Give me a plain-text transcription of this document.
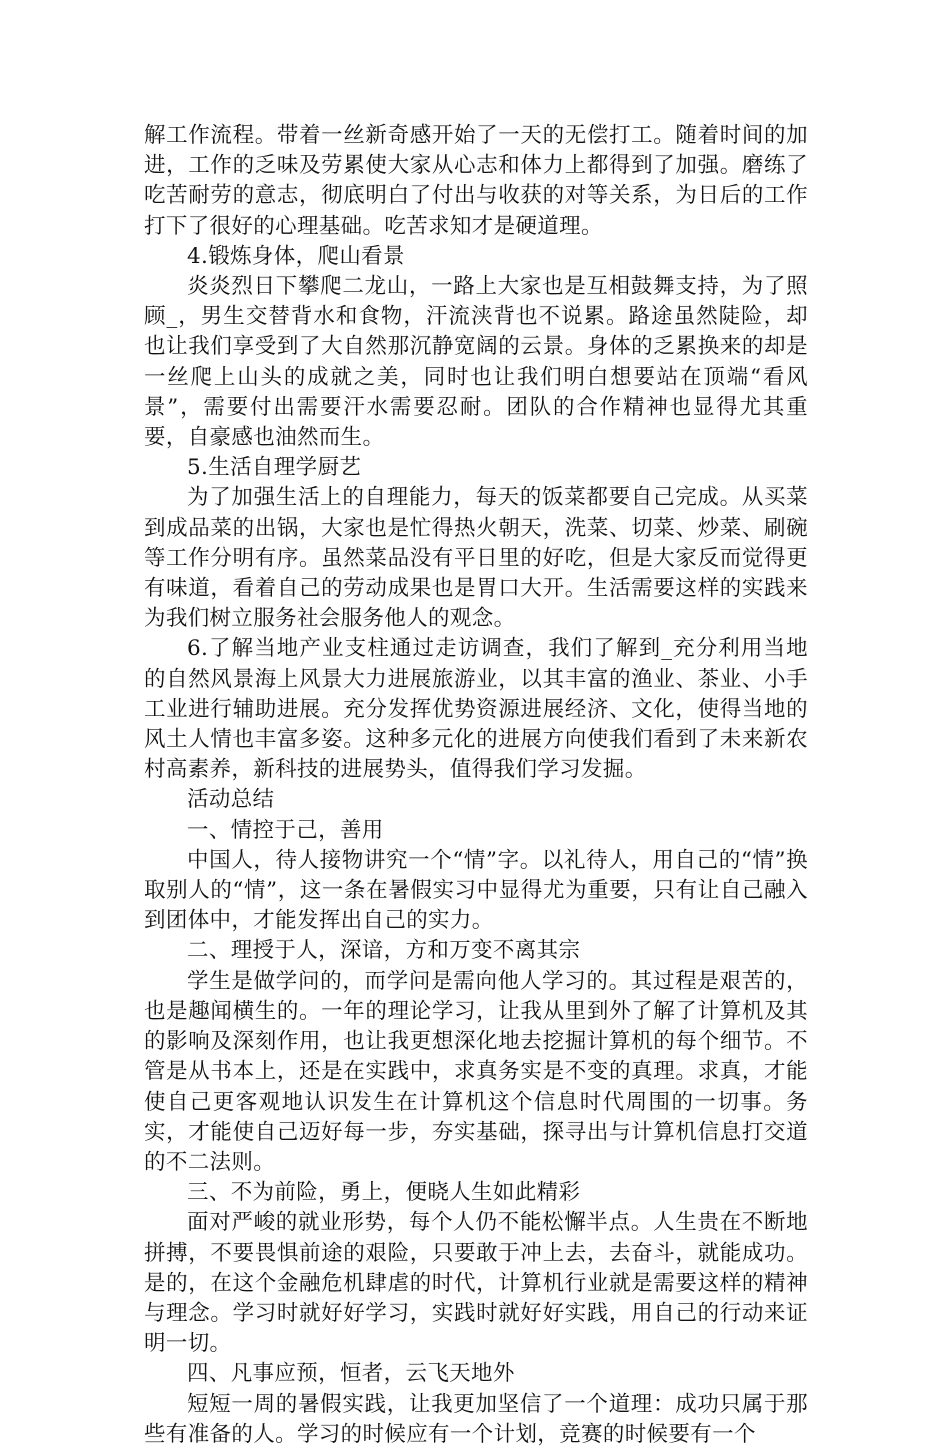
解工作流程。带着一丝新奇感开始了一天的无偿打工。随着时间的加进，工作的乏味及劳累使大家从心志和体力上都得到了加强。磨练了吃苦耐劳的意志，彻底明白了付出与收获的对等关系，为日后的工作打下了很好的心理基础。吃苦求知才是硬道理。

4.锻炼身体，爬山看景

炎炎烈日下攀爬二龙山，一路上大家也是互相鼓舞支持，为了照顾_，男生交替背水和食物，汗流浃背也不说累。路途虽然陡险，却也让我们享受到了大自然那沉静宽阔的云景。身体的乏累换来的却是一丝爬上山头的成就之美，同时也让我们明白想要站在顶端“看风景”，需要付出需要汗水需要忍耐。团队的合作精神也显得尤其重要，自豪感也油然而生。

5.生活自理学厨艺

为了加强生活上的自理能力，每天的饭菜都要自己完成。从买菜到成品菜的出锅，大家也是忙得热火朝天，洗菜、切菜、炒菜、刷碗等工作分明有序。虽然菜品没有平日里的好吃，但是大家反而觉得更有味道，看着自己的劳动成果也是胃口大开。生活需要这样的实践来为我们树立服务社会服务他人的观念。

6.了解当地产业支柱通过走访调查，我们了解到_充分利用当地的自然风景海上风景大力进展旅游业，以其丰富的渔业、茶业、小手工业进行辅助进展。充分发挥优势资源进展经济、文化，使得当地的风土人情也丰富多姿。这种多元化的进展方向使我们看到了未来新农村高素养，新科技的进展势头，值得我们学习发掘。

活动总结

一、情控于己，善用

中国人，待人接物讲究一个“情”字。以礼待人，用自己的“情”换取别人的“情”，这一条在暑假实习中显得尤为重要，只有让自己融入到团体中，才能发挥出自己的实力。

二、理授于人，深谙，方和万变不离其宗

学生是做学问的，而学问是需向他人学习的。其过程是艰苦的，也是趣闻横生的。一年的理论学习，让我从里到外了解了计算机及其的影响及深刻作用，也让我更想深化地去挖掘计算机的每个细节。不管是从书本上，还是在实践中，求真务实是不变的真理。求真，才能使自己更客观地认识发生在计算机这个信息时代周围的一切事。务实，才能使自己迈好每一步，夯实基础，探寻出与计算机信息打交道的不二法则。

三、不为前险，勇上，便晓人生如此精彩

面对严峻的就业形势，每个人仍不能松懈半点。人生贵在不断地拼搏，不要畏惧前途的艰险，只要敢于冲上去，去奋斗，就能成功。是的，在这个金融危机肆虐的时代，计算机行业就是需要这样的精神与理念。学习时就好好学习，实践时就好好实践，用自己的行动来证明一切。

四、凡事应预，恒者，云飞天地外

短短一周的暑假实践，让我更加坚信了一个道理：成功只属于那些有准备的人。学习的时候应有一个计划，竞赛的时候要有一个
